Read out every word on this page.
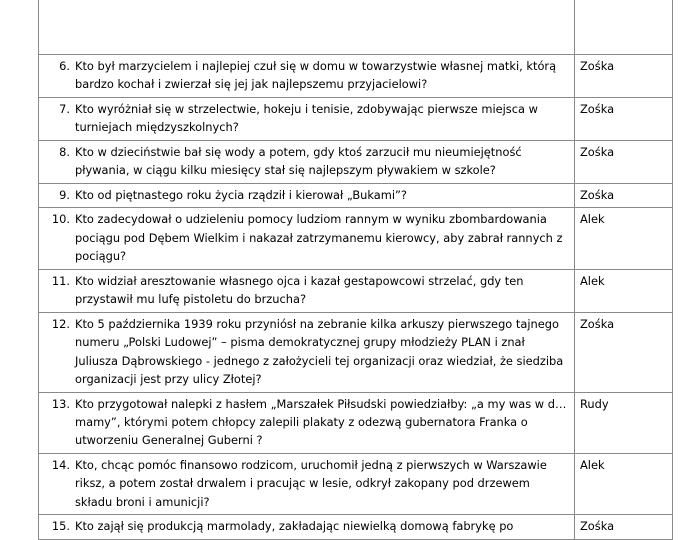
6. Kto był marzycielem i najlepiej czuł się w domu w towarzystwie własnej matki, którą bardzo kochał i zwierzał się jej jak najlepszemu przyjacielowi?	Zośka

7. Kto wyróżniał się w strzelectwie, hokeju i tenisie, zdobywając pierwsze miejsca w turniejach międzyszkolnych?	Zośka

8. Kto w dzieciństwie bał się wody a potem, gdy ktoś zarzucił mu nieumiejętność pływania, w ciągu kilku miesięcy stał się najlepszym pływakiem w szkole?	Zośka

9. Kto od piętnastego roku życia rządził i kierował „Bukami”?	Zośka

10. Kto zadecydował o udzieleniu pomocy ludziom rannym w wyniku zbombardowania pociągu pod Dębem Wielkim i nakazał zatrzymanemu kierowcy, aby zabrał rannych z pociągu?	Alek

11. Kto widział aresztowanie własnego ojca i kazał gestapowcowi strzelać, gdy ten przystawił mu lufę pistoletu do brzucha?	Alek

12. Kto 5 października 1939 roku przyniósł na zebranie kilka arkuszy pierwszego tajnego numeru „Polski Ludowej” – pisma demokratycznej grupy młodzieży PLAN i znał Juliusza Dąbrowskiego - jednego z założycieli tej organizacji oraz wiedział, że siedziba organizacji jest przy ulicy Złotej?	Zośka

13. Kto przygotował nalepki z hasłem „Marszałek Piłsudski powiedziałby: „a my was w d… mamy”, którymi potem chłopcy zalepili plakaty z odezwą gubernatora Franka o utworzeniu Generalnej Guberni ?	Rudy

14. Kto, chcąc pomóc finansowo rodzicom, uruchomił jedną z pierwszych w Warszawie riksz, a potem został drwalem i pracując w lesie, odkrył zakopany pod drzewem składu broni i amunicji?	Alek

15. Kto zajął się produkcją marmolady, zakładając niewielką domową fabrykę po	Zośka
